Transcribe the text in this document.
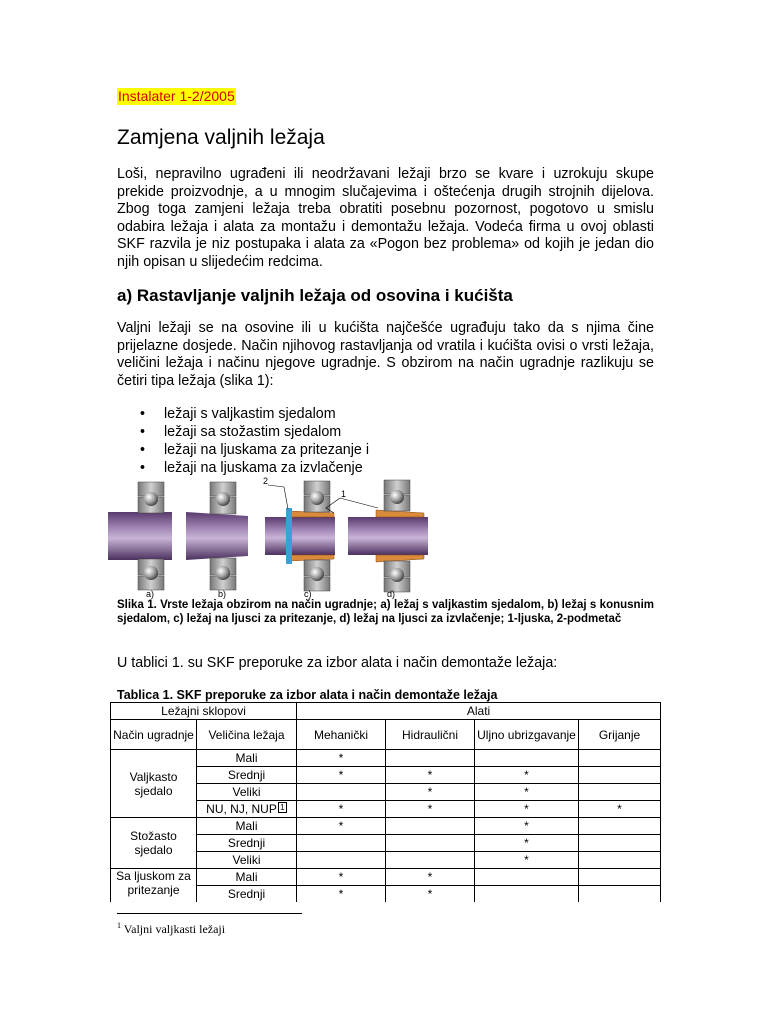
Instalater 1-2/2005
Zamjena valjnih ležaja

Loši, nepravilno ugrađeni ili neodržavani ležaji brzo se kvare i uzrokuju skupe prekide proizvodnje, a u mnogim slučajevima i oštećenja drugih strojnih dijelova. Zbog toga zamjeni ležaja treba obratiti posebnu pozornost, pogotovo u smislu odabira ležaja i alata za montažu i demontažu ležaja. Vodeća firma u ovoj oblasti SKF razvila je niz postupaka i alata za «Pogon bez problema» od kojih je jedan dio njih opisan u slijedećim redcima.

a) Rastavljanje valjnih ležaja od osovina i kućišta

Valjni ležaji se na osovine ili u kućišta najčešće ugrađuju tako da s njima čine prijelazne dosjede. Način njihovog rastavljanja od vratila i kućišta ovisi o vrsti ležaja, veličini ležaja i načinu njegove ugradnje. S obzirom na način ugradnje razlikuju se četiri tipa ležaja (slika 1):

• ležaji s valjkastim sjedalom
• ležaji sa stožastim sjedalom
• ležaji na ljuskama za pritezanje i
• ležaji na ljuskama za izvlačenje
2
1
a)	b)	c)	d)

Slika 1. Vrste ležaja obzirom na način ugradnje; a) ležaj s valjkastim sjedalom, b) ležaj s konusnim sjedalom, c) ležaj na ljusci za pritezanje, d) ležaj na ljusci za izvlačenje; 1-ljuska, 2-podmetač

U tablici 1. su SKF preporuke za izbor alata i način demontaže ležaja:

Tablica 1. SKF preporuke za izbor alata i način demontaže ležaja

Ležajni sklopovi		Alati			
Način ugradnje	Veličina ležaja	Mehanički	Hidraulični	Uljno ubrizgavanje	Grijanje
Valjkasto sjedalo	Mali	*			
	Srednji	*	*	*	
	Veliki		*	*	
	NU, NJ, NUP 1	*	*	*	*
Stožasto sjedalo	Mali	*		*	
	Srednji			*	
	Veliki			*	
Sa ljuskom za pritezanje	Mali	*	*		
	Srednji	*	*		
$^1$ Valjni valjkasti ležaji
